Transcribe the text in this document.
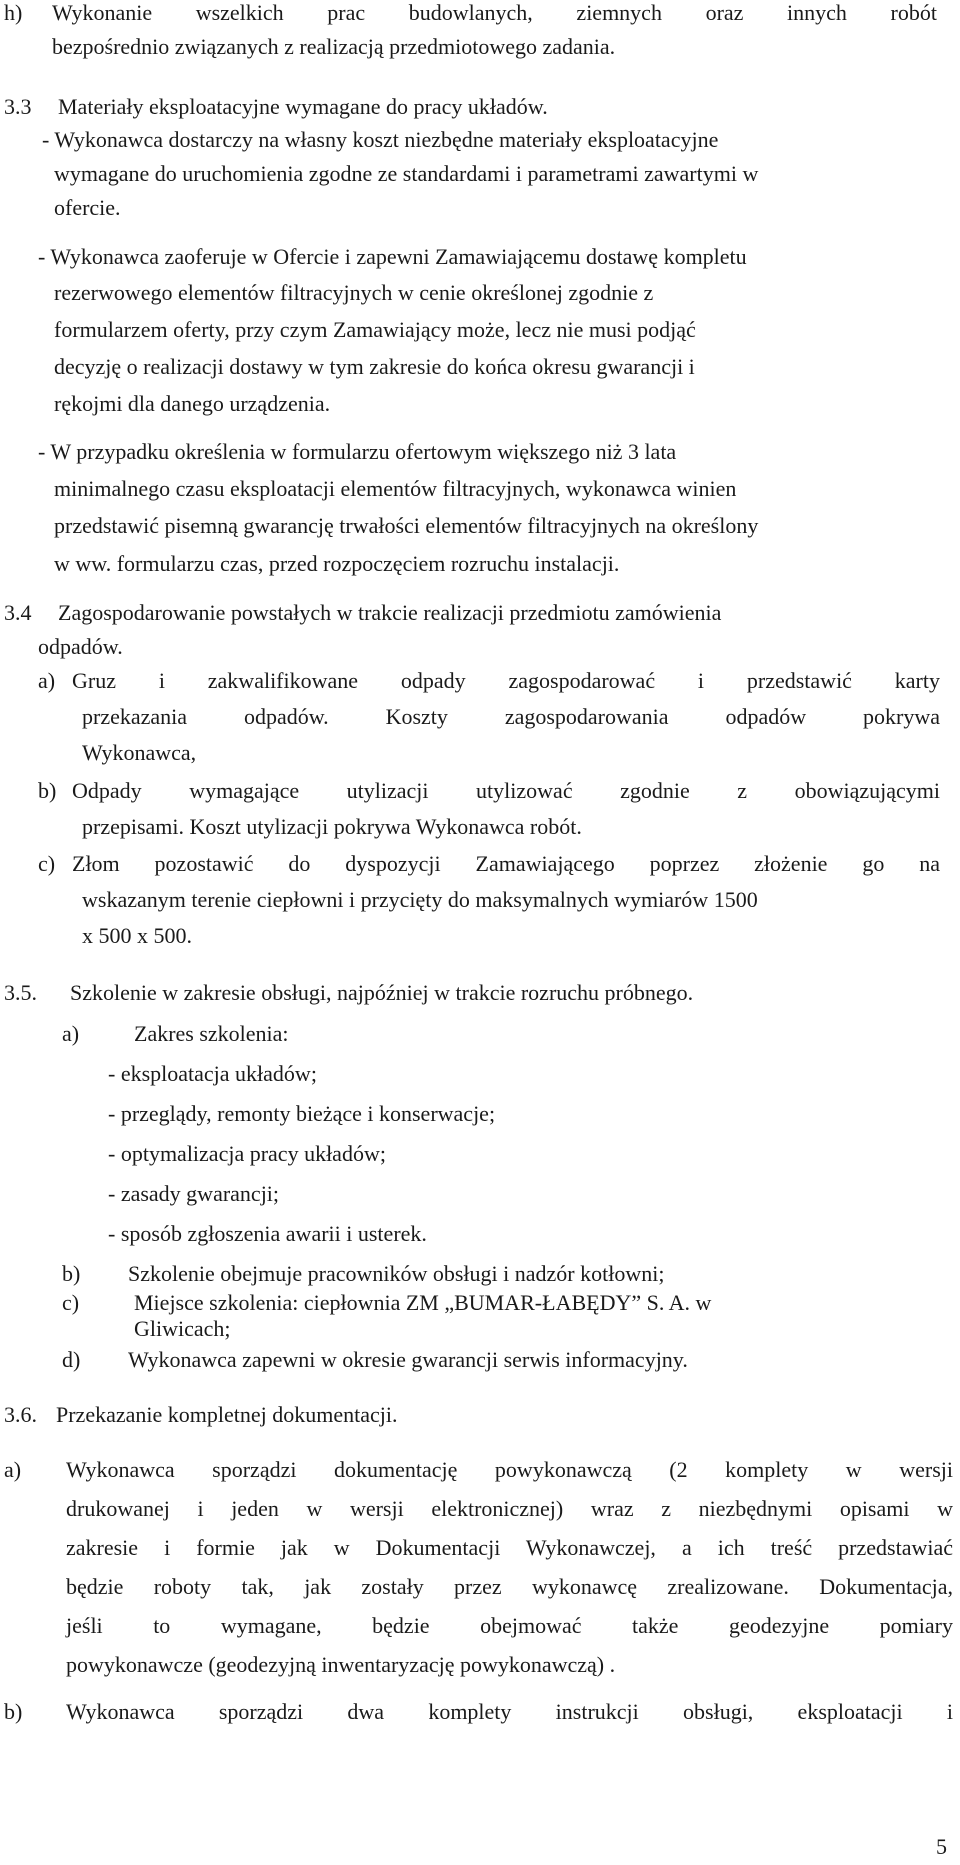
h) Wykonanie wszelkich prac budowlanych, ziemnych oraz innych robót
bezpośrednio związanych z realizacją przedmiotowego zadania.
3.3 Materiały eksploatacyjne wymagane do pracy układów.
- Wykonawca dostarczy na własny koszt niezbędne materiały eksploatacyjne
wymagane do uruchomienia zgodne ze standardami i parametrami zawartymi w
ofercie.
- Wykonawca zaoferuje w Ofercie i zapewni Zamawiającemu dostawę kompletu
rezerwowego elementów filtracyjnych w cenie określonej zgodnie z
formularzem oferty, przy czym Zamawiający może, lecz nie musi podjąć
decyzję o realizacji dostawy w tym zakresie do końca okresu gwarancji i
rękojmi dla danego urządzenia.
- W przypadku określenia w formularzu ofertowym większego niż 3 lata
minimalnego czasu eksploatacji elementów filtracyjnych, wykonawca winien
przedstawić pisemną gwarancję trwałości elementów filtracyjnych na określony
w ww. formularzu czas, przed rozpoczęciem rozruchu instalacji.
3.4 Zagospodarowanie powstałych w trakcie realizacji przedmiotu zamówienia
odpadów.
a) Gruz i zakwalifikowane odpady zagospodarować i przedstawić karty
przekazania odpadów. Koszty zagospodarowania odpadów pokrywa
Wykonawca,
b) Odpady wymagające utylizacji utylizować zgodnie z obowiązującymi
przepisami. Koszt utylizacji pokrywa Wykonawca robót.
c) Złom pozostawić do dyspozycji Zamawiającego poprzez złożenie go na
wskazanym terenie ciepłowni i przycięty do maksymalnych wymiarów 1500
x 500 x 500.
3.5. Szkolenie w zakresie obsługi, najpóźniej w trakcie rozruchu próbnego.
a) Zakres szkolenia:
- eksploatacja układów;
- przeglądy, remonty bieżące i konserwacje;
- optymalizacja pracy układów;
- zasady gwarancji;
- sposób zgłoszenia awarii i usterek.
b) Szkolenie obejmuje pracowników obsługi i nadzór kotłowni;
c) Miejsce szkolenia: ciepłownia ZM „BUMAR-ŁABĘDY” S. A. w
Gliwicach;
d) Wykonawca zapewni w okresie gwarancji serwis informacyjny.
3.6. Przekazanie kompletnej dokumentacji.
a) Wykonawca sporządzi dokumentację powykonawczą (2 komplety w wersji
drukowanej i jeden w wersji elektronicznej) wraz z niezbędnymi opisami w
zakresie i formie jak w Dokumentacji Wykonawczej, a ich treść przedstawiać
będzie roboty tak, jak zostały przez wykonawcę zrealizowane. Dokumentacja,
jeśli to wymagane, będzie obejmować także geodezyjne pomiary
powykonawcze (geodezyjną inwentaryzację powykonawczą) .
b) Wykonawca sporządzi dwa komplety instrukcji obsługi, eksploatacji i
5
